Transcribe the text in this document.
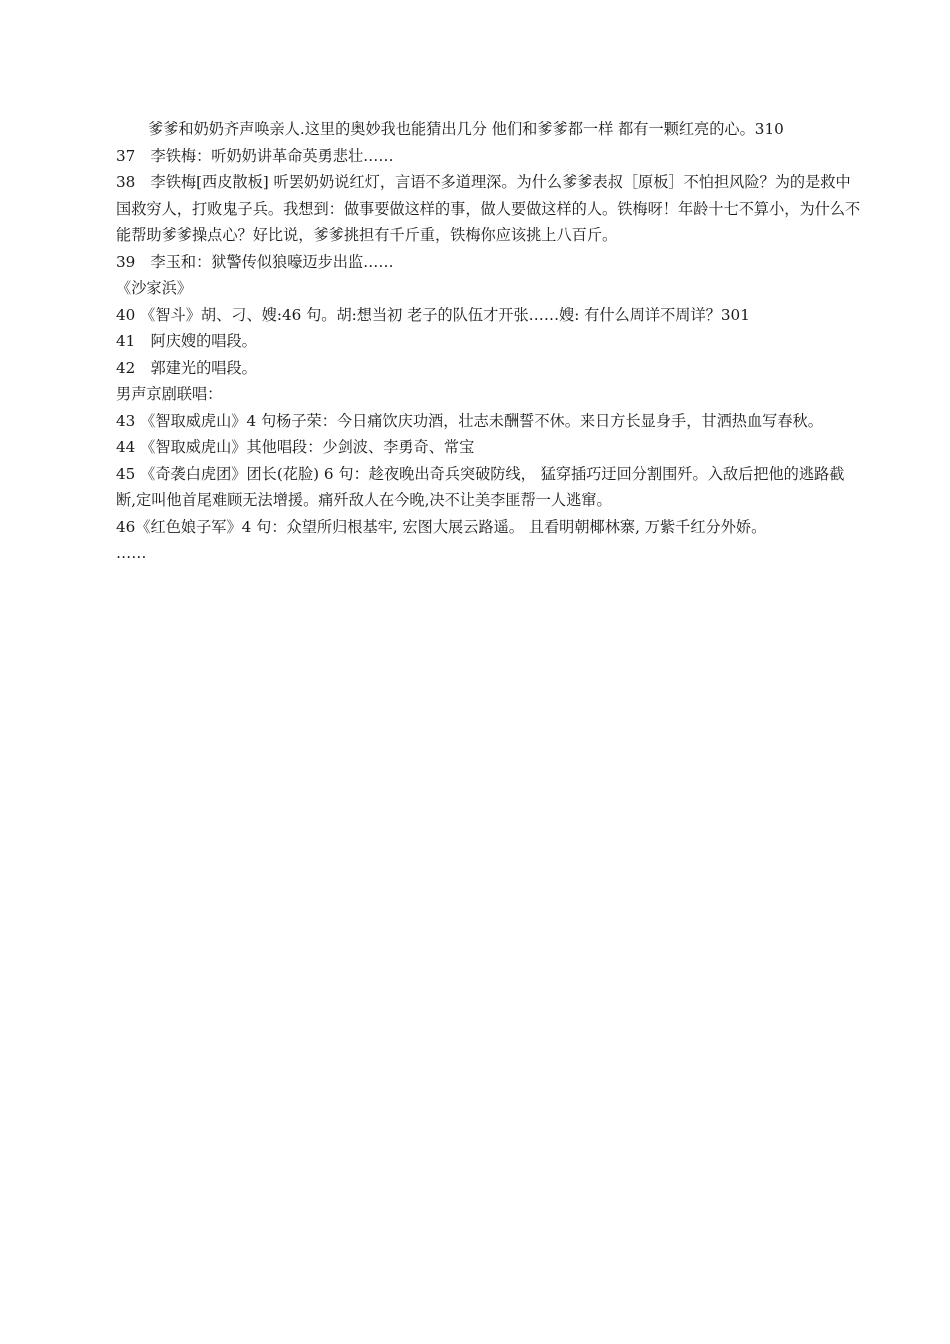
爹爹和奶奶齐声唤亲人.这里的奥妙我也能猜出几分 他们和爹爹都一样 都有一颗红亮的心。310
37　李铁梅：听奶奶讲革命英勇悲壮……
38　李铁梅[西皮散板] 听罢奶奶说红灯，言语不多道理深。为什么爹爹表叔［原板］不怕担风险？为的是救中国救穷人，打败鬼子兵。我想到：做事要做这样的事，做人要做这样的人。铁梅呀！年龄十七不算小，为什么不能帮助爹爹操点心？好比说，爹爹挑担有千斤重，铁梅你应该挑上八百斤。
39　李玉和：狱警传似狼嚎迈步出监……
《沙家浜》
40 《智斗》胡、刁、嫂:46 句。胡:想当初 老子的队伍才开张……嫂: 有什么周详不周详？301
41　阿庆嫂的唱段。
42　郭建光的唱段。
男声京剧联唱：
43 《智取威虎山》4 句杨子荣：今日痛饮庆功酒，壮志未酬誓不休。来日方长显身手，甘洒热血写春秋。
44 《智取威虎山》其他唱段：少剑波、李勇奇、常宝
45 《奇袭白虎团》团长(花脸) 6 句：趁夜晚出奇兵突破防线， 猛穿插巧迂回分割围歼。入敌后把他的逃路截断,定叫他首尾难顾无法增援。痛歼敌人在今晚,决不让美李匪帮一人逃窜。
46《红色娘子军》4 句：众望所归根基牢, 宏图大展云路遥。 且看明朝椰林寨, 万紫千红分外娇。
……
